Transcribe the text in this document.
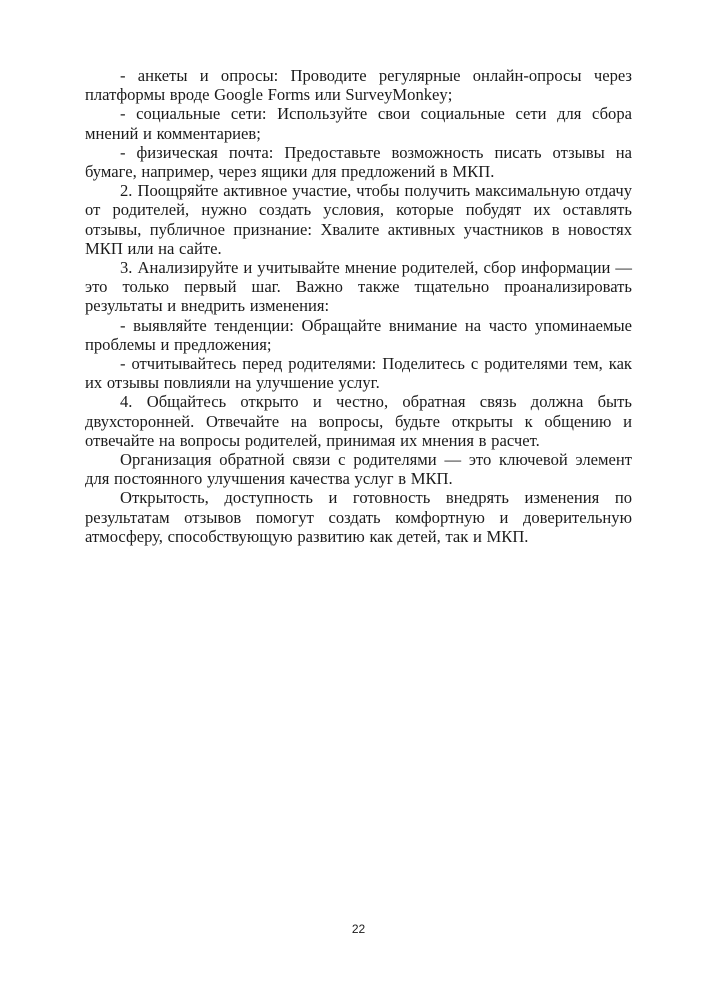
- анкеты и опросы: Проводите регулярные онлайн-опросы через платформы вроде Google Forms или SurveyMonkey;

- социальные сети: Используйте свои социальные сети для сбора мнений и комментариев;

- физическая почта: Предоставьте возможность писать отзывы на бумаге, например, через ящики для предложений в МКП.

2. Поощряйте активное участие, чтобы получить максимальную отдачу от родителей, нужно создать условия, которые побудят их оставлять отзывы, публичное признание: Хвалите активных участников в новостях МКП или на сайте.

3. Анализируйте и учитывайте мнение родителей, сбор информации — это только первый шаг. Важно также тщательно проанализировать результаты и внедрить изменения:

- выявляйте тенденции: Обращайте внимание на часто упоминаемые проблемы и предложения;

- отчитывайтесь перед родителями: Поделитесь с родителями тем, как их отзывы повлияли на улучшение услуг.

4. Общайтесь открыто и честно, обратная связь должна быть двухсторонней. Отвечайте на вопросы, будьте открыты к общению и отвечайте на вопросы родителей, принимая их мнения в расчет.

Организация обратной связи с родителями — это ключевой элемент для постоянного улучшения качества услуг в МКП.

Открытость, доступность и готовность внедрять изменения по результатам отзывов помогут создать комфортную и доверительную атмосферу, способствующую развитию как детей, так и МКП.

22
